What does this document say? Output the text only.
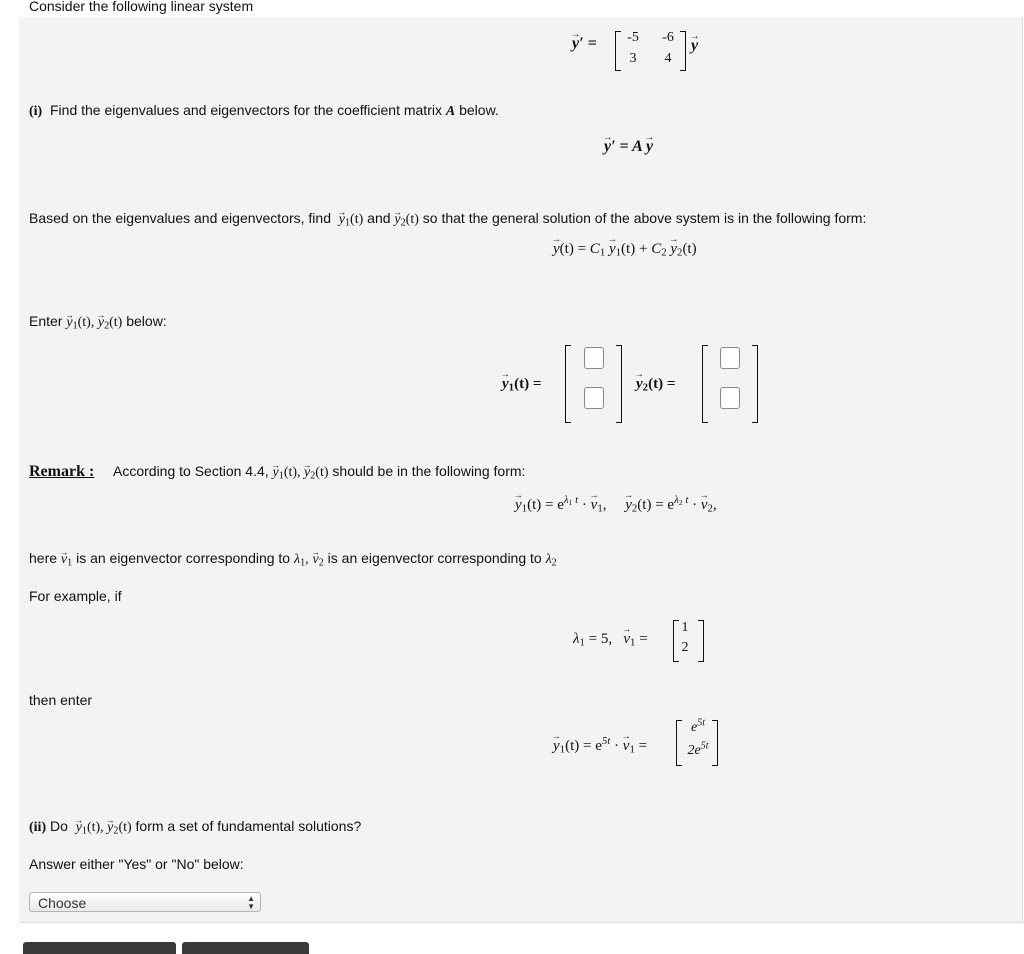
Consider the following linear system
→ y′ =	-5	-6
3	4
→ y
(i) Find the eigenvalues and eigenvectors for the coefficient matrix A below.
→ y′ = A → y
Based on the eigenvalues and eigenvectors, find → $y_1(t)$ and → $y_2(t)$ so that the general solution of the above system is in the following form:
→ $y(t) = C_1 \to y_1(t) + C_2 \to y_2(t)$
Enter → $y_1(t)$, → $y_2(t)$ below:
→ $y_1(t)$ =	→ $y_2(t)$ =
Remark : According to Section 4.4, → $y_1(t)$, → $y_2(t)$ should be in the following form:
→ $y_1(t) = e^{\lambda_1 t}$ · → $v_1$, → $y_2(t) = e^{\lambda_2 t}$ · → $v_2$,
here → $v_1$ is an eigenvector corresponding to $\lambda_1$, → $v_2$ is an eigenvector corresponding to $\lambda_2$
For example, if
$\lambda_1 = 5$, → $v_1$ =
1
2
then enter
→ $y_1(t) = e^{5t}$ · → $v_1$ =
$e^{5t}$
$2e^{5t}$
(ii) $Do \to y_1(t)$, → $y_2(t)$ form a set of fundamental solutions?
Answer either "Yes" or "No" below:
Choose	▲
▼
